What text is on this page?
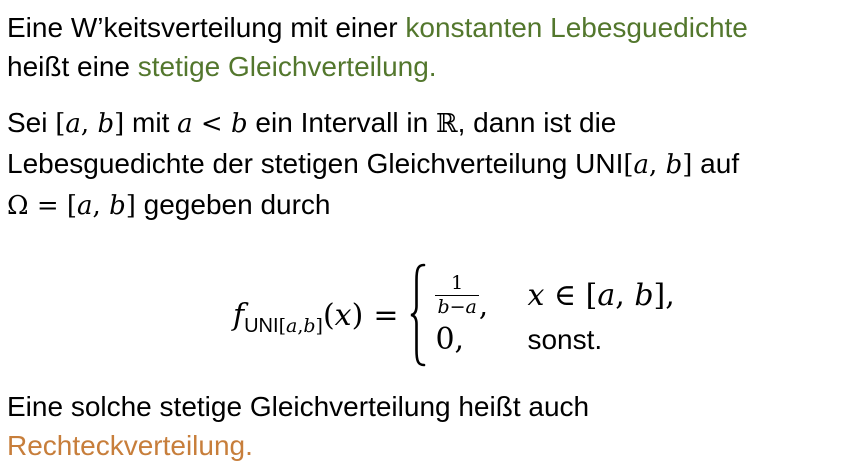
Eine W’keitsverteilung mit einer konstanten Lebesguedichte
heißt eine stetige Gleichverteilung.
Sei [a, b] mit a < b ein Intervall in ℝ, dann ist die
Lebesguedichte der stetigen Gleichverteilung UNI[a, b] auf
Ω = [a, b] gegeben durch
f UNI[a,b] ( x ) = $\frac{1}{b-a}$ , x ∈ [a, b],
0, sonst.
Eine solche stetige Gleichverteilung heißt auch
Rechteckverteilung.
